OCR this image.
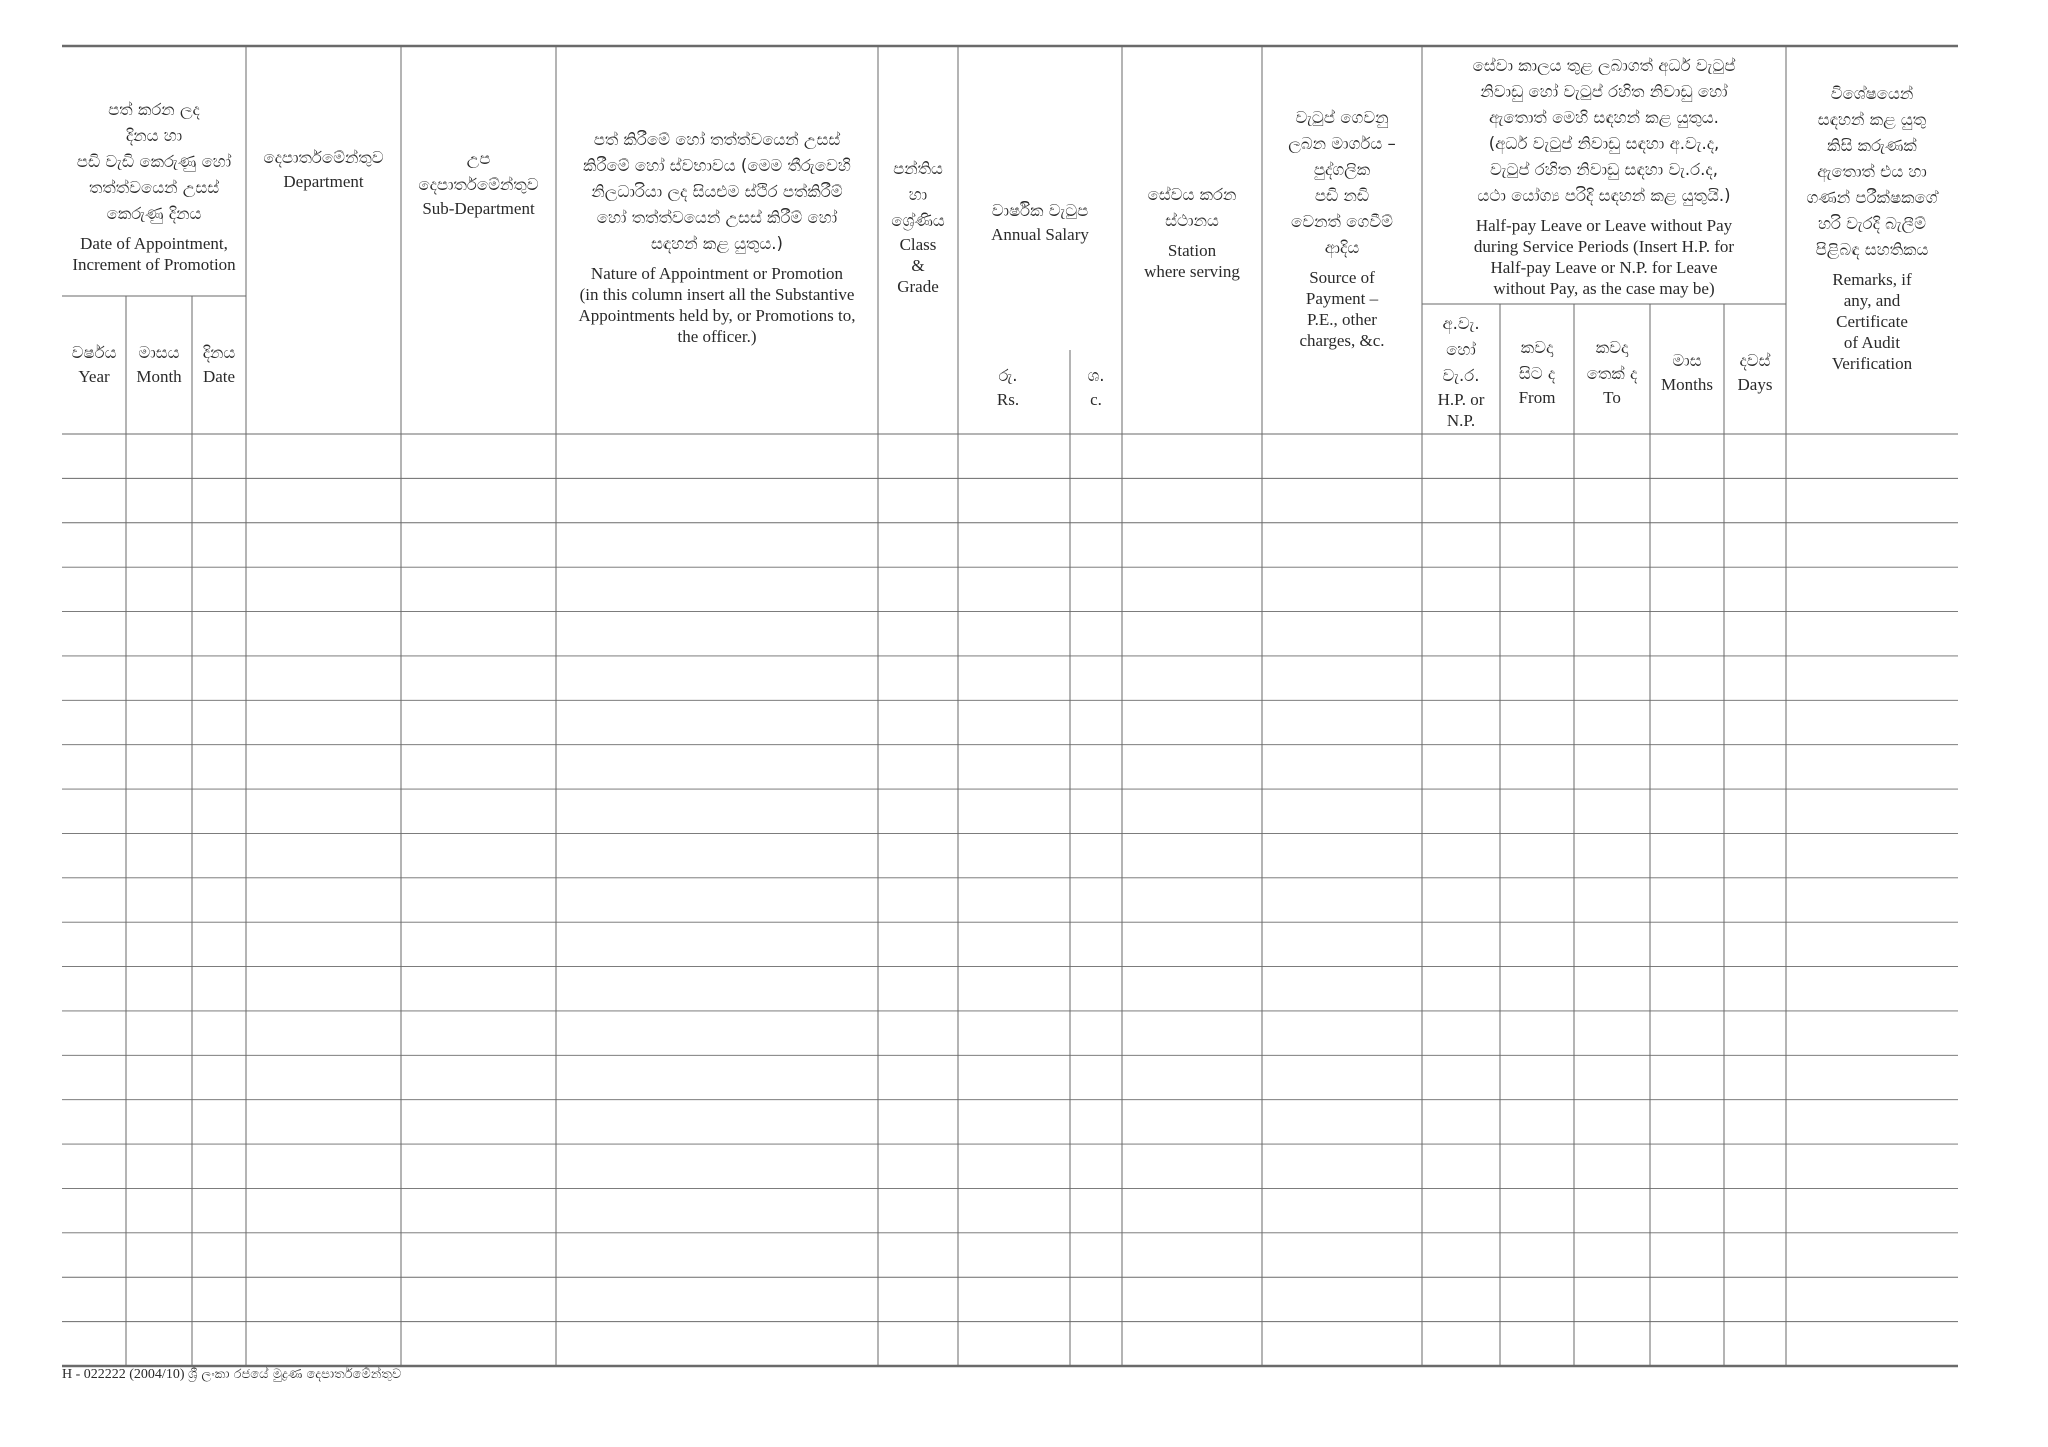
පත් කරන ලද
දිනය හා
පඩි වැඩි කෙරුණු හෝ
තත්ත්වයෙන් උසස්
කෙරුණු දිනය
Date of Appointment,
Increment of Promotion
වර්ෂය
Year
මාසය
Month
දිනය
Date
දෙපාර්තමේන්තුව
Department
උප
දෙපාර්තමේන්තුව
Sub-Department
පත් කිරීමේ හෝ තත්ත්වයෙන් උසස්
කිරීමේ හෝ ස්වභාවය (මෙම තීරුවෙහි
නිලධාරියා ලද සියළුම ස්ථිර පත්කිරීම්
හෝ තත්ත්වයෙන් උසස් කිරීම් හෝ
සඳහන් කළ යුතුය.)
Nature of Appointment or Promotion
(in this column insert all the Substantive
Appointments held by, or Promotions to,
the officer.)
පන්තිය
හා
ශ්‍රේණිය
Class
&
Grade
වාර්ෂික වැටුප
Annual Salary
රු.
Rs.
ශ.
c.
සේවය කරන
ස්ථානය
Station
where serving
වැටුප් ගෙවනු
ලබන මාර්ගය –
පුද්ගලික
පඩි නඩි
වෙනත් ගෙවීම්
ආදිය
Source of
Payment –
P.E., other
charges, &c.
සේවා කාලය තුළ ලබාගත් අර්ධ වැටුප්
නිවාඩු හෝ වැටුප් රහිත නිවාඩු හෝ
ඇතොත් මෙහි සඳහන් කළ යුතුය.
(අර්ධ වැටුප් නිවාඩු සඳහා අ.වැ.ද,
වැටුප් රහිත නිවාඩු සඳහා වැ.ර.ද,
යථා යෝග්‍ය පරිදි සඳහන් කළ යුතුයි.)
Half-pay Leave or Leave without Pay
during Service Periods (Insert H.P. for
Half-pay Leave or N.P. for Leave
without Pay, as the case may be)
අ.වැ.
හෝ
වැ.ර.
H.P. or
N.P.
කවදා
සිට ද
From
කවදා
තෙක් ද
To
මාස
Months
දවස්
Days
විශේෂයෙන්
සඳහන් කළ යුතු
කිසි කරුණක්
ඇතොත් එය හා
ගණන් පරීක්ෂකගේ
හරි වැරදි බැලීම්
පිළිබඳ සහතිකය
Remarks, if
any, and
Certificate
of Audit
Verification
H - 022222 (2004/10) ශ්‍රී ලංකා රජයේ මුද්‍රණ දෙපාර්තමේන්තුව
